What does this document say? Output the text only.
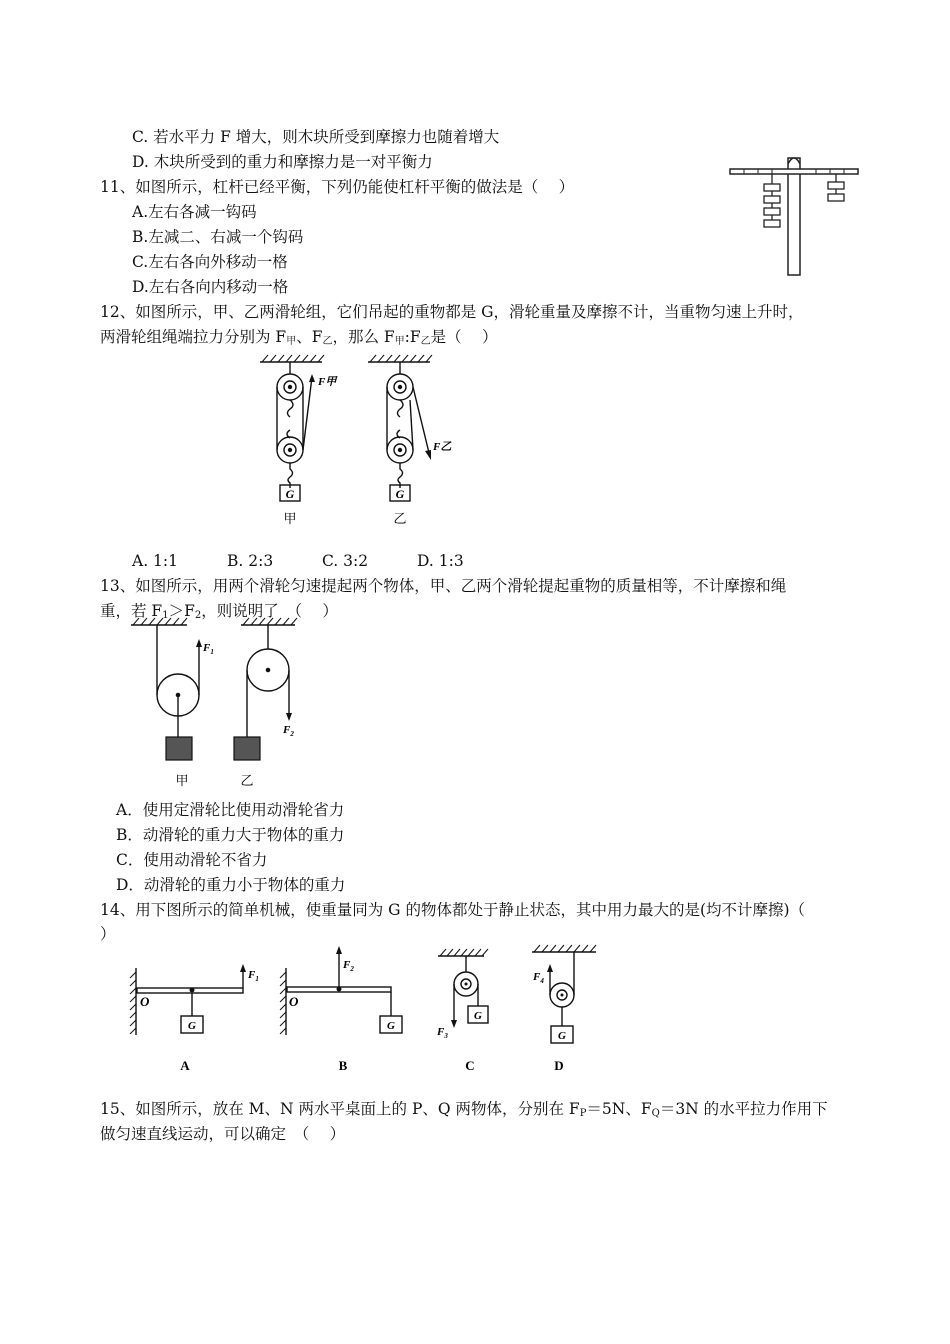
C. 若水平力 F 增大，则木块所受到摩擦力也随着增大
D. 木块所受到的重力和摩擦力是一对平衡力
11、如图所示，杠杆已经平衡，下列仍能使杠杆平衡的做法是（　 ）
A.左右各减一钩码
B.左减二、右减一个钩码
C.左右各向外移动一格
D.左右各向内移动一格
12、如图所示，甲、乙两滑轮组，它们吊起的重物都是 G，滑轮重量及摩擦不计，当重物匀速上升时，
两滑轮组绳端拉力分别为 $F_甲$、$F_乙$，那么 $F_甲:F_乙$是（　 ）
G	G
F甲
F乙
甲	乙
A. 1:1	B. 2:3	C. 3:2	D. 1:3
13、如图所示，用两个滑轮匀速提起两个物体，甲、乙两个滑轮提起重物的质量相等，不计摩擦和绳
重，若 $F_1>F_2$，则说明了　（　 ）
$F_1$
$F_2$
甲	乙
A．使用定滑轮比使用动滑轮省力
B．动滑轮的重力大于物体的重力
C．使用动滑轮不省力
D．动滑轮的重力小于物体的重力
14、用下图所示的简单机械，使重量同为 G 的物体都处于静止状态，其中用力最大的是(均不计摩擦)（
）
O	O
$F_1$
$F_2$
$F_3$
$F_4$
G	G
G
G
A	B	C	D
15、如图所示，放在 M、N 两水平桌面上的 P、Q 两物体，分别在 $F_P=5N$、$F_Q=3N$ 的水平拉力作用下
做匀速直线运动，可以确定　（　 ）
